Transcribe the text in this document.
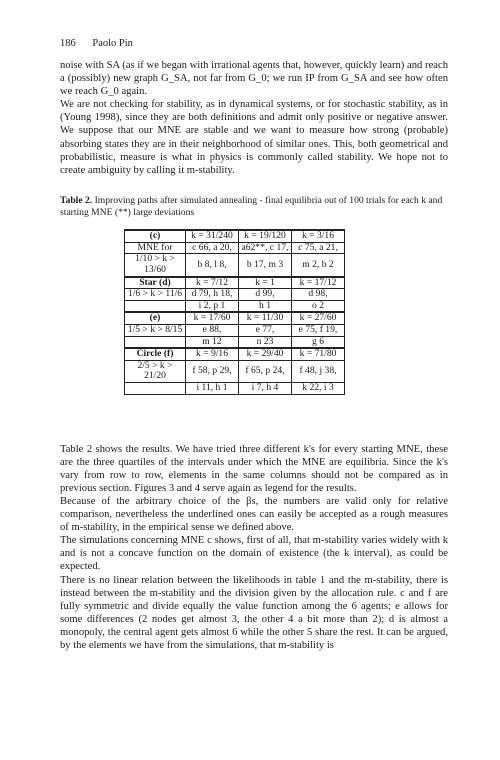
186 Paolo Pin

noise with SA (as if we began with irrational agents that, however, quickly learn) and reach a (possibly) new graph G_SA, not far from G_0; we run IP from G_SA and see how often we reach G_0 again.

We are not checking for stability, as in dynamical systems, or for stochastic stability, as in (Young 1998), since they are both definitions and admit only positive or negative answer. We suppose that our MNE are stable and we want to measure how strong (probable) absorbing states they are in their neighborhood of similar ones. This, both geometrical and probabilistic, measure is what in physics is commonly called stability. We hope not to create ambiguity by calling it m-stability.

Table 2. Improving paths after simulated annealing - final equilibria out of 100 trials for each k and starting MNE (**) large deviations

(c)	k = 31/240	k = 19/120	k = 3/16
MNE for	c 66, a 20,	a62**, c 17,	c 75, a 21,
1/10 > k > 13/60	b 8, l 8,	b 17, m 3	m 2, b 2
Star (d)	k = 7/12	k = 1	k = 17/12
1/6 > k > 11/6	d 79, h 18,	d 99,	d 98,
	i 2, p 1	h 1	o 2
(e)	k = 17/60	k = 11/30	k = 27/60
1/5 > k > 8/15	e 88,	e 77,	e 75, f 19,
	m 12	n 23	g 6
Circle (f)	k = 9/16	k = 29/40	k = 71/80
2/5 > k > 21/20	f 58, p 29,	f 65, p 24,	f 48, j 38,
	i 11, h 1	i 7, h 4	k 22, i 3

Table 2 shows the results. We have tried three different k's for every starting MNE, these are the three quartiles of the intervals under which the MNE are equilibria. Since the k's vary from row to row, elements in the same columns should not be compared as in previous section. Figures 3 and 4 serve again as legend for the results.

Because of the arbitrary choice of the βs, the numbers are valid only for relative comparison, nevertheless the underlined ones can easily be accepted as a rough measures of m-stability, in the empirical sense we defined above.

The simulations concerning MNE c shows, first of all, that m-stability varies widely with k and is not a concave function on the domain of existence (the k interval), as could be expected.

There is no linear relation between the likelihoods in table 1 and the m-stability, there is instead between the m-stability and the division given by the allocation rule. c and f are fully symmetric and divide equally the value function among the 6 agents; e allows for some differences (2 nodes get almost 3, the other 4 a bit more than 2); d is almost a monopoly, the central agent gets almost 6 while the other 5 share the rest. It can be argued, by the elements we have from the simulations, that m-stability is
